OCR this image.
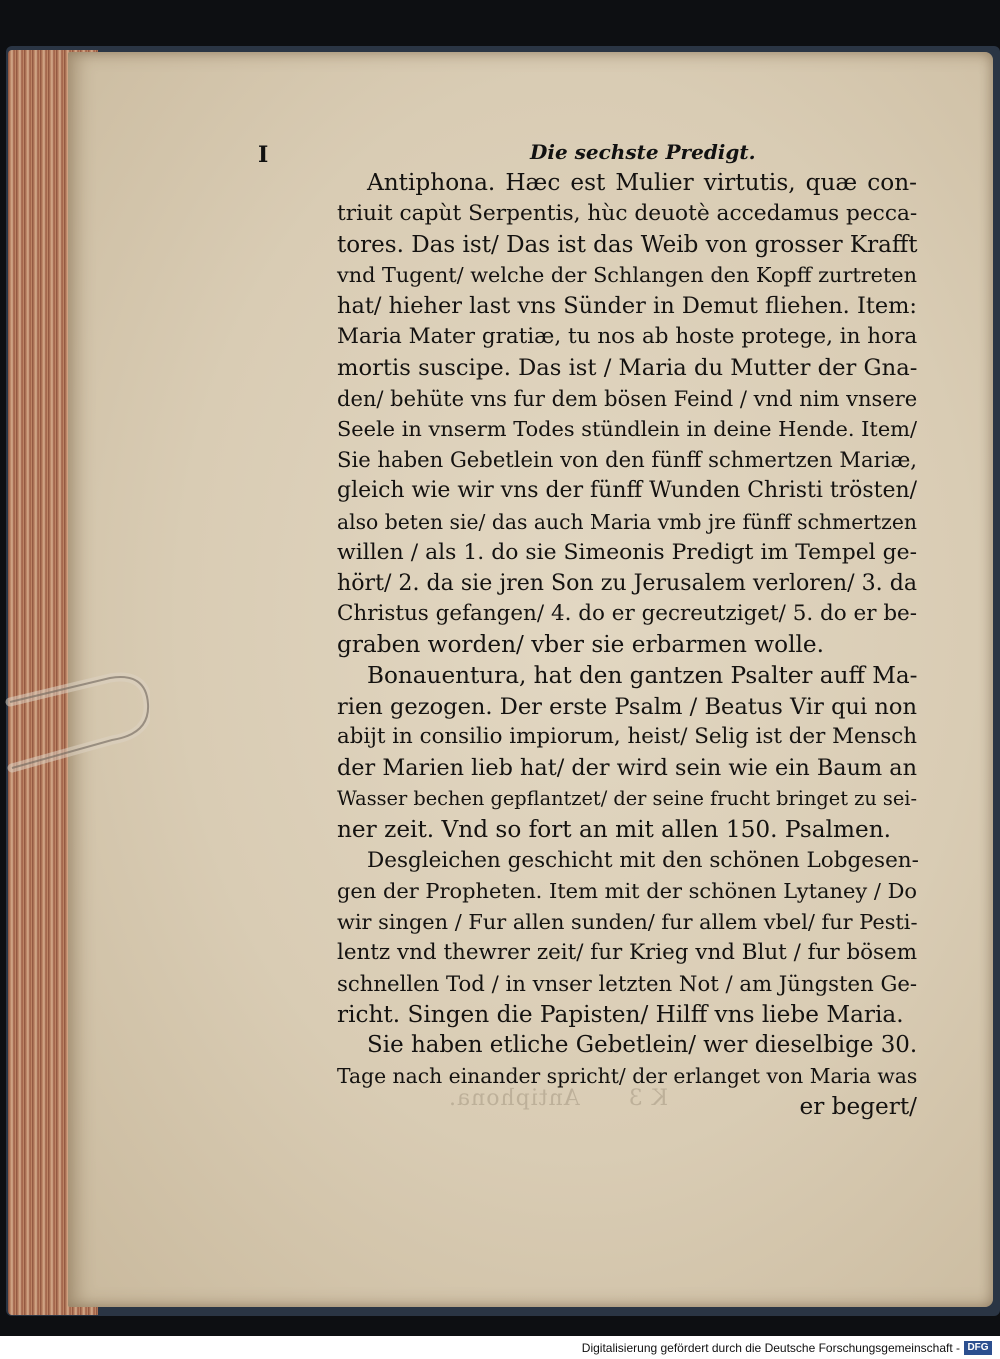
K 3 Antiphona.
I	Die sechste Predigt.
Antiphona. Hæc est Mulier virtutis, quæ con-
triuit capùt Serpentis, hùc deuotè accedamus pecca-
tores. Das ist/ Das ist das Weib von grosser Krafft
vnd Tugent/ welche der Schlangen den Kopff zurtreten
hat/ hieher last vns Sünder in Demut fliehen. Item:
Maria Mater gratiæ, tu nos ab hoste protege, in hora
mortis suscipe. Das ist / Maria du Mutter der Gna-
den/ behüte vns fur dem bösen Feind / vnd nim vnsere
Seele in vnserm Todes stündlein in deine Hende. Item/
Sie haben Gebetlein von den fünff schmertzen Mariæ,
gleich wie wir vns der fünff Wunden Christi trösten/
also beten sie/ das auch Maria vmb jre fünff schmertzen
willen / als 1. do sie Simeonis Predigt im Tempel ge-
hört/ 2. da sie jren Son zu Jerusalem verloren/ 3. da
Christus gefangen/ 4. do er gecreutziget/ 5. do er be-
graben worden/ vber sie erbarmen wolle.
Bonauentura, hat den gantzen Psalter auff Ma-
rien gezogen. Der erste Psalm / Beatus Vir qui non
abijt in consilio impiorum, heist/ Selig ist der Mensch
der Marien lieb hat/ der wird sein wie ein Baum an
Wasser bechen gepflantzet/ der seine frucht bringet zu sei-
ner zeit. Vnd so fort an mit allen 150. Psalmen.
Desgleichen geschicht mit den schönen Lobgesen-
gen der Propheten. Item mit der schönen Lytaney / Do
wir singen / Fur allen sunden/ fur allem vbel/ fur Pesti-
lentz vnd thewrer zeit/ fur Krieg vnd Blut / fur bösem
schnellen Tod / in vnser letzten Not / am Jüngsten Ge-
richt. Singen die Papisten/ Hilff vns liebe Maria.
Sie haben etliche Gebetlein/ wer dieselbige 30.
Tage nach einander spricht/ der erlanget von Maria was
er begert/
Digitalisierung gefördert durch die Deutsche Forschungsgemeinschaft - DFG
